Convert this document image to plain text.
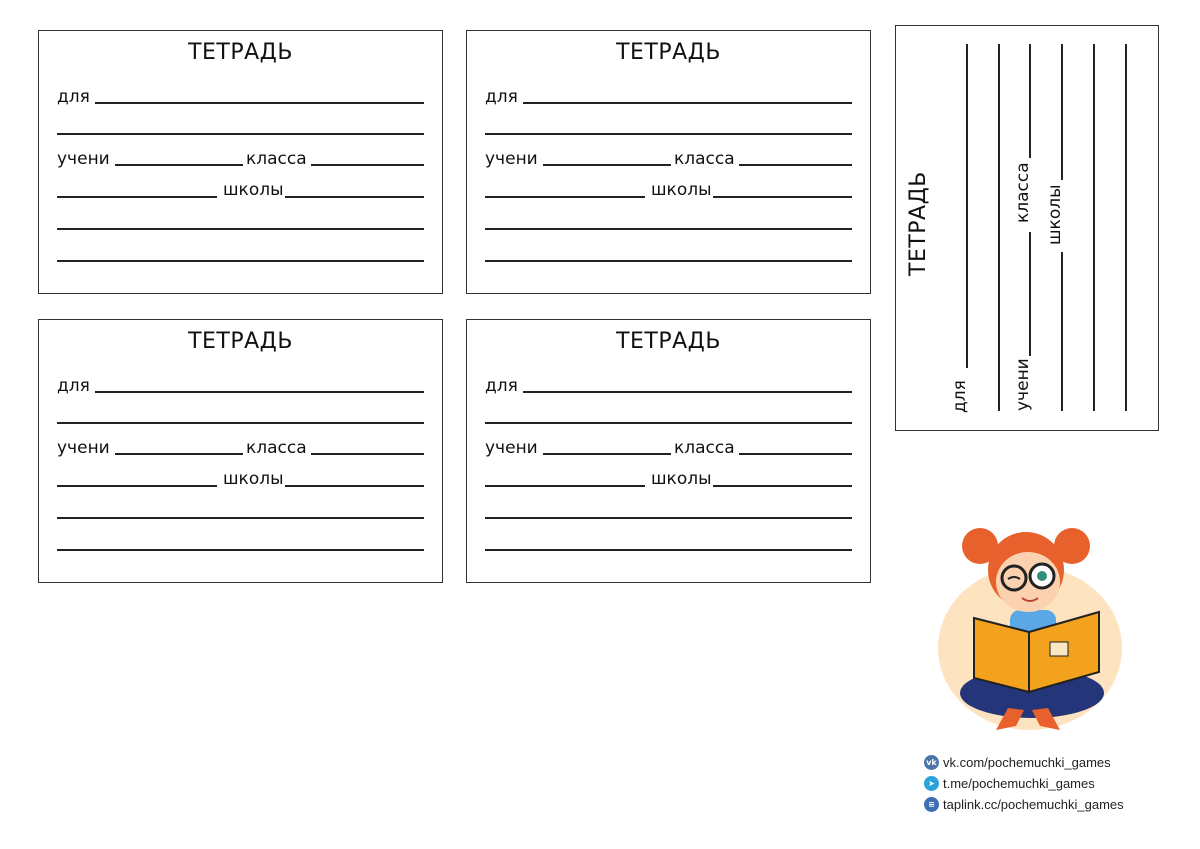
ТЕТРАДЬ
для
учени	класса
школы
ТЕТРАДЬ
для
учени	класса
школы
ТЕТРАДЬ
для
учени	класса
школы
ТЕТРАДЬ
для
учени	класса
школы
ТЕТРАДЬ
для	учени
класса школы
vk vk.com/pochemuchki_games
➤ t.me/pochemuchki_games
≡ taplink.cc/pochemuchki_games
